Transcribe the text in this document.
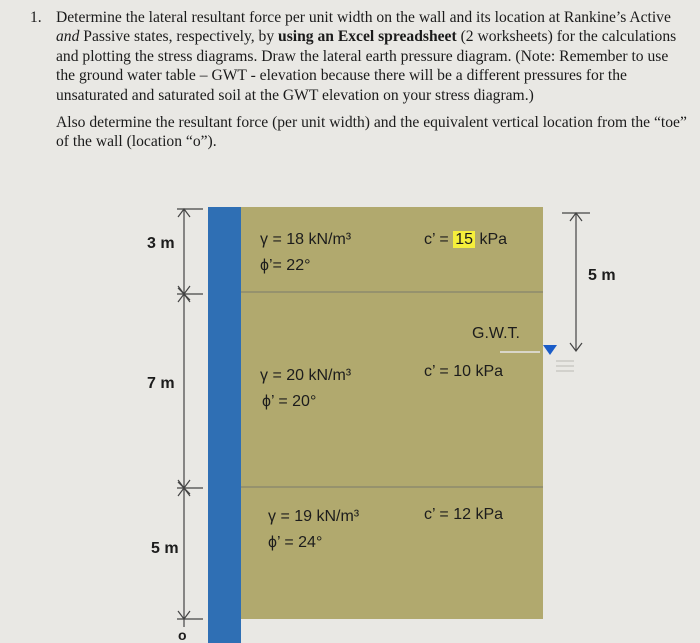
1. Determine the lateral resultant force per unit width on the wall and its location at Rankine’s Active and Passive states, respectively, by using an Excel spreadsheet (2 worksheets) for the calculations and plotting the stress diagrams. Draw the lateral earth pressure diagram. (Note: Remember to use the ground water table – GWT - elevation because there will be a different pressures for the unsaturated and saturated soil at the GWT elevation on your stress diagram.)
Also determine the resultant force (per unit width) and the equivalent vertical location from the “toe” of the wall (location “o”).
3 m
7 m
5 m
5 m
o
γ = 18 kN/m³
ϕ’= 22°
c’ = 15 kPa
G.W.T.
γ = 20 kN/m³
ϕ’ = 20°
c’ = 10 kPa
γ = 19 kN/m³
ϕ’ = 24°
c’ = 12 kPa
